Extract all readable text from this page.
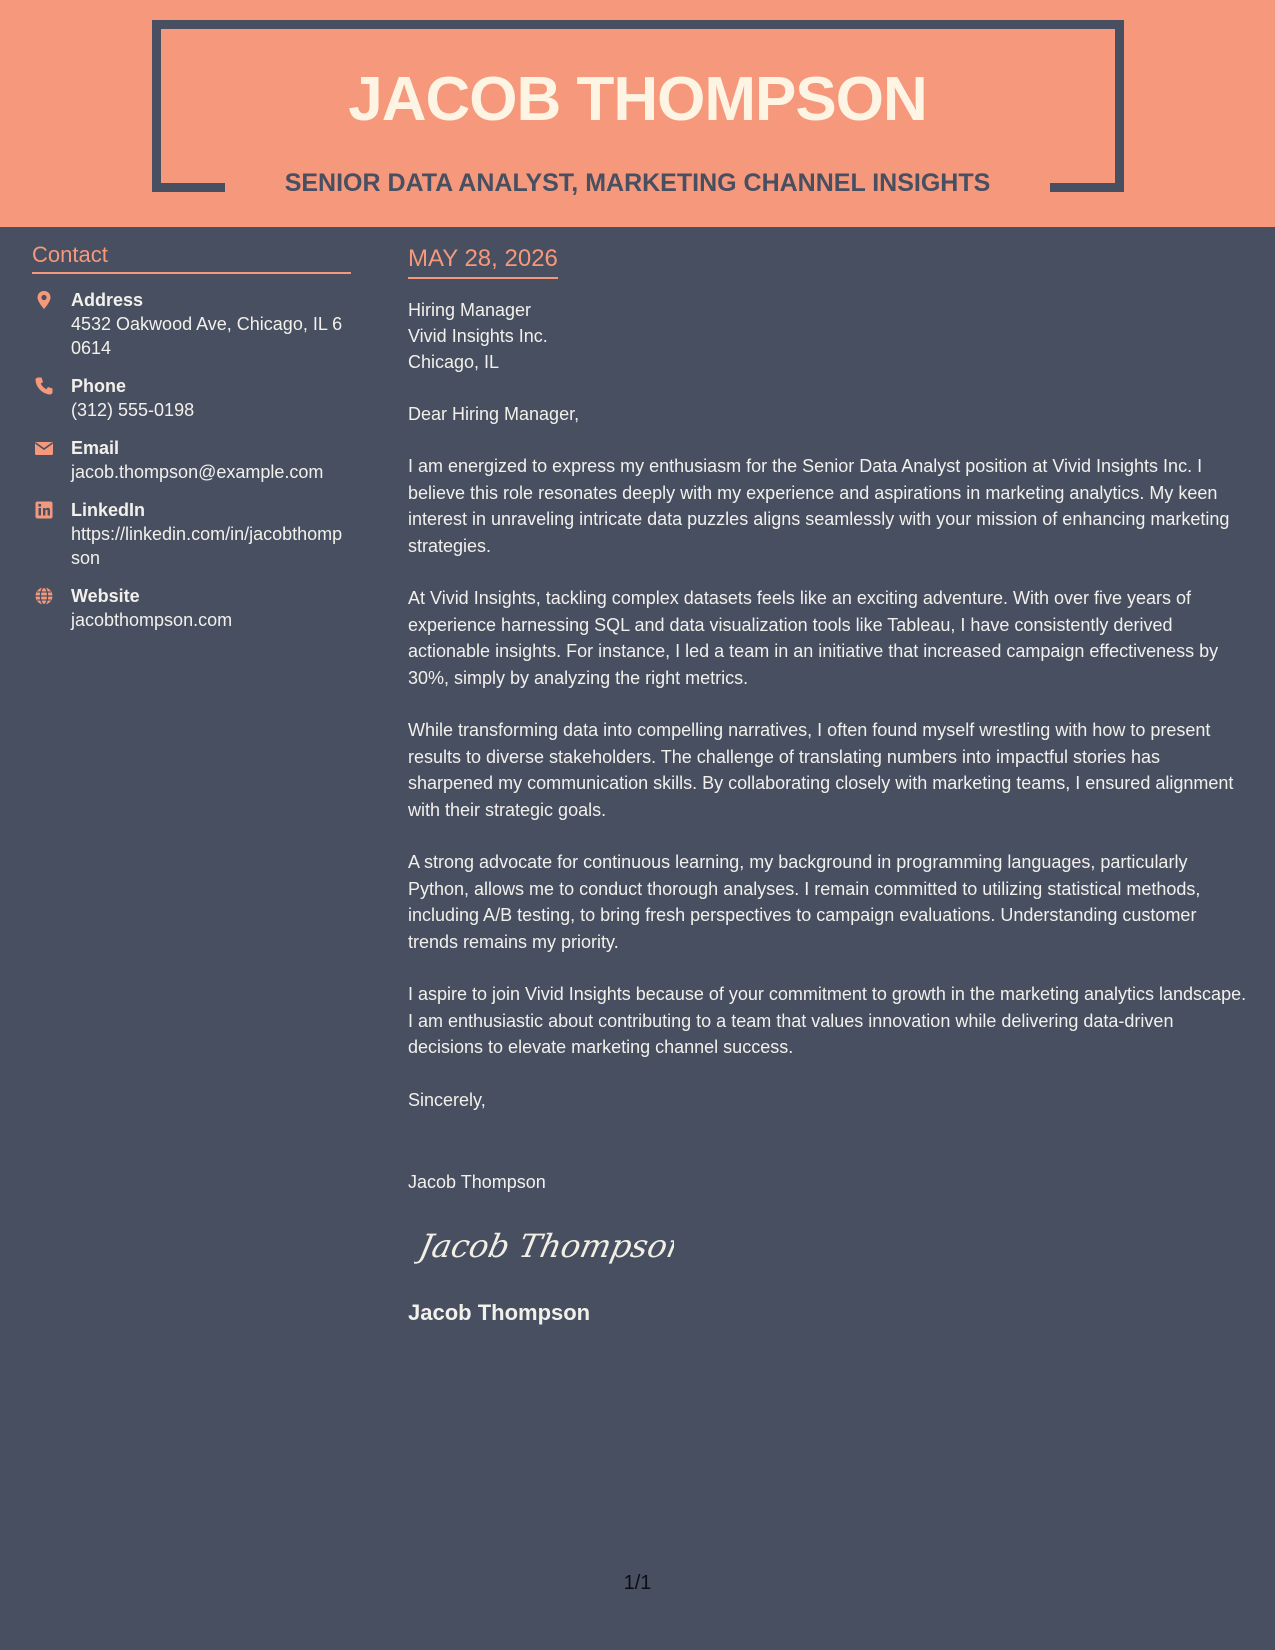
JACOB THOMPSON
SENIOR DATA ANALYST, MARKETING CHANNEL INSIGHTS
Contact
Address
4532 Oakwood Ave, Chicago, IL 60614
Phone
(312) 555-0198
Email
jacob.thompson@example.com
LinkedIn
https://linkedin.com/in/jacobthompson
Website
jacobthompson.com
MAY 28, 2026
Hiring Manager
Vivid Insights Inc.
Chicago, IL
Dear Hiring Manager,

I am energized to express my enthusiasm for the Senior Data Analyst position at Vivid Insights Inc. I believe this role resonates deeply with my experience and aspirations in marketing analytics. My keen interest in unraveling intricate data puzzles aligns seamlessly with your mission of enhancing marketing strategies.

At Vivid Insights, tackling complex datasets feels like an exciting adventure. With over five years of experience harnessing SQL and data visualization tools like Tableau, I have consistently derived actionable insights. For instance, I led a team in an initiative that increased campaign effectiveness by 30%, simply by analyzing the right metrics.

While transforming data into compelling narratives, I often found myself wrestling with how to present results to diverse stakeholders. The challenge of translating numbers into impactful stories has sharpened my communication skills. By collaborating closely with marketing teams, I ensured alignment with their strategic goals.

A strong advocate for continuous learning, my background in programming languages, particularly Python, allows me to conduct thorough analyses. I remain committed to utilizing statistical methods, including A/B testing, to bring fresh perspectives to campaign evaluations. Understanding customer trends remains my priority.

I aspire to join Vivid Insights because of your commitment to growth in the marketing analytics landscape. I am enthusiastic about contributing to a team that values innovation while delivering data-driven decisions to elevate marketing channel success.

Sincerely,
Jacob Thompson
Jacob Thompson
Jacob Thompson
1/1
